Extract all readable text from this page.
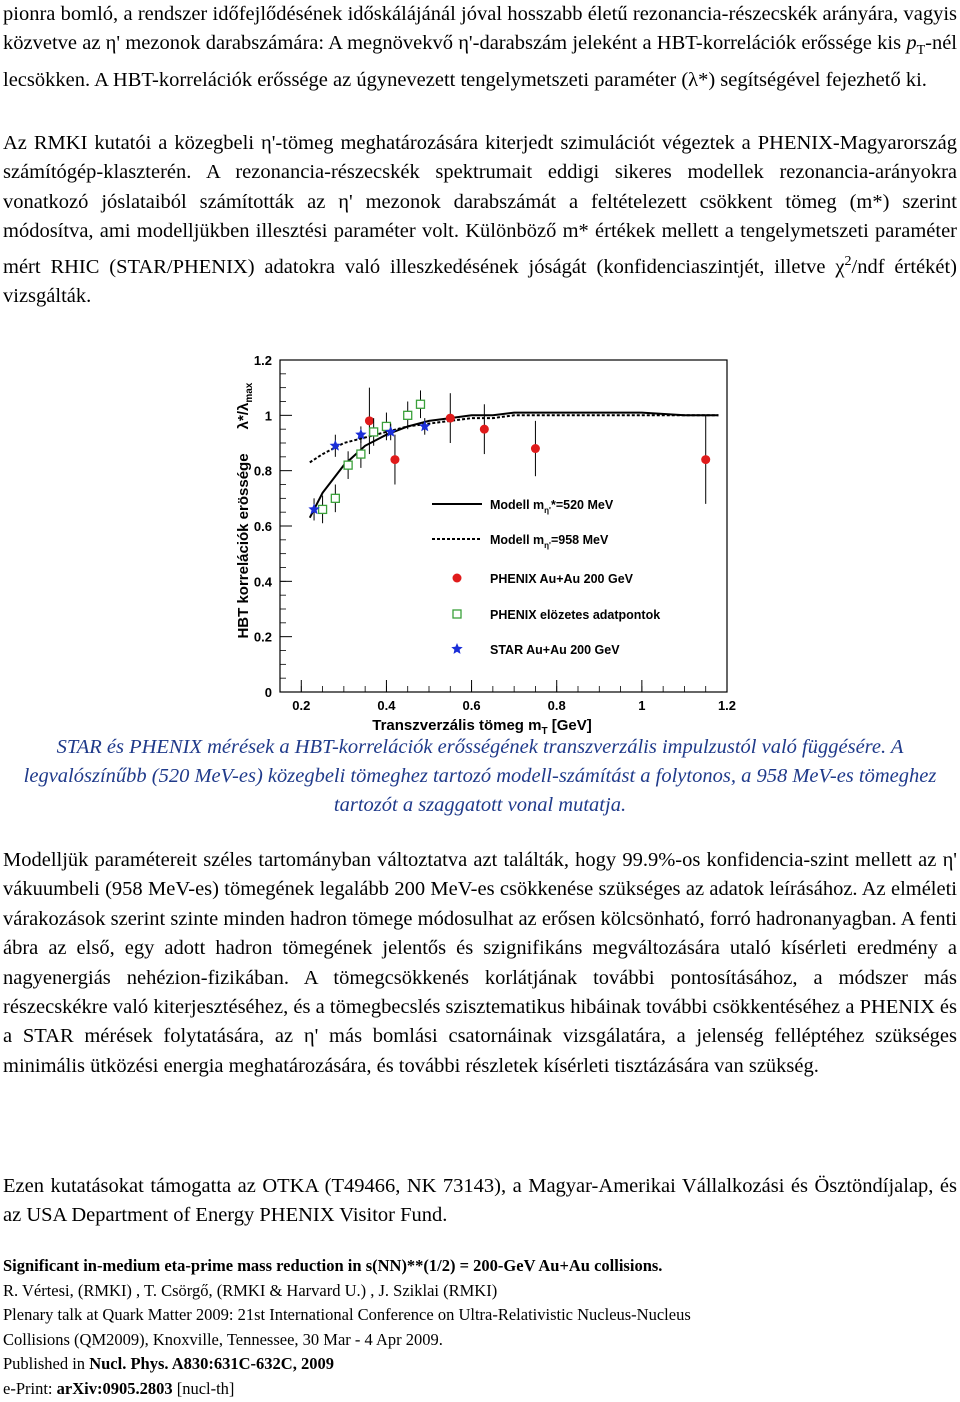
pionra bomló, a rendszer időfejlődésének időskálájánál jóval hosszabb életű rezonancia-részecskék arányára, vagyis közvetve az η' mezonok darabszámára: A megnövekvő η'-darabszám jeleként a HBT-korrelációk erőssége kis $p_T$-nél lecsökken. A HBT-korrelációk erőssége az úgynevezett tengelymetszeti paraméter (λ*) segítségével fejezhető ki.

Az RMKI kutatói a közegbeli η'-tömeg meghatározására kiterjedt szimulációt végeztek a PHENIX-Magyarország számítógép-klaszterén. A rezonancia-részecskék spektrumait eddigi sikeres modellek rezonancia-arányokra vonatkozó jóslataiból számították az η' mezonok darabszámát a feltételezett csökkent tömeg (m*) szerint módosítva, ami modelljükben illesztési paraméter volt. Különböző m* értékek mellett a tengelymetszeti paraméter mért RHIC (STAR/PHENIX) adatokra való illeszkedésének jóságát (konfidenciaszintjét, illetve $\chi^2$/ndf értékét) vizsgálták.

0
0.2
0.4
0.6
0.8
1
1.2
0.2	0.4	0.6	0.8	1	1.2
Transzverzális tömeg $m_T$ [GeV]
HBT korrelációk erössége
$\lambda*/\lambda_{max}$
Modell $m_{\eta'}*=520$ MeV
Modell $m_{\eta'}=958$ MeV
PHENIX Au+Au 200 GeV
PHENIX elözetes adatpontok
STAR Au+Au 200 GeV

STAR és PHENIX mérések a HBT-korrelációk erősségének transzverzális impulzustól való függésére. A legvalószínűbb (520 MeV-es) közegbeli tömeghez tartozó modell-számítást a folytonos, a 958 MeV-es tömeghez tartozót a szaggatott vonal mutatja.

Modelljük paramétereit széles tartományban változtatva azt találták, hogy 99.9%-os konfidencia-szint mellett az η' vákuumbeli (958 MeV-es) tömegének legalább 200 MeV-es csökkenése szükséges az adatok leírásához. Az elméleti várakozások szerint szinte minden hadron tömege módosulhat az erősen kölcsönható, forró hadronanyagban. A fenti ábra az első, egy adott hadron tömegének jelentős és szignifikáns megváltozására utaló kísérleti eredmény a nagyenergiás nehézion-fizikában. A tömegcsökkenés korlátjának további pontosításához, a módszer más részecskékre való kiterjesztéséhez, és a tömegbecslés szisztematikus hibáinak további csökkentéséhez a PHENIX és a STAR mérések folytatására, az η' más bomlási csatornáinak vizsgálatára, a jelenség felléptéhez szükséges minimális ütközési energia meghatározására, és további részletek kísérleti tisztázására van szükség.

Ezen kutatásokat támogatta az OTKA (T49466, NK 73143), a Magyar-Amerikai Vállalkozási és Ösztöndíjalap, és az USA Department of Energy PHENIX Visitor Fund.

Significant in-medium eta-prime mass reduction in s(NN)**(1/2) = 200-GeV Au+Au collisions.
R. Vértesi, (RMKI) , T. Csörgő, (RMKI & Harvard U.) , J. Sziklai (RMKI)
Plenary talk at Quark Matter 2009: 21st International Conference on Ultra-Relativistic Nucleus-Nucleus
Collisions (QM2009), Knoxville, Tennessee, 30 Mar - 4 Apr 2009.
Published in Nucl. Phys. A830:631C-632C, 2009
e-Print: arXiv:0905.2803 [nucl-th]
